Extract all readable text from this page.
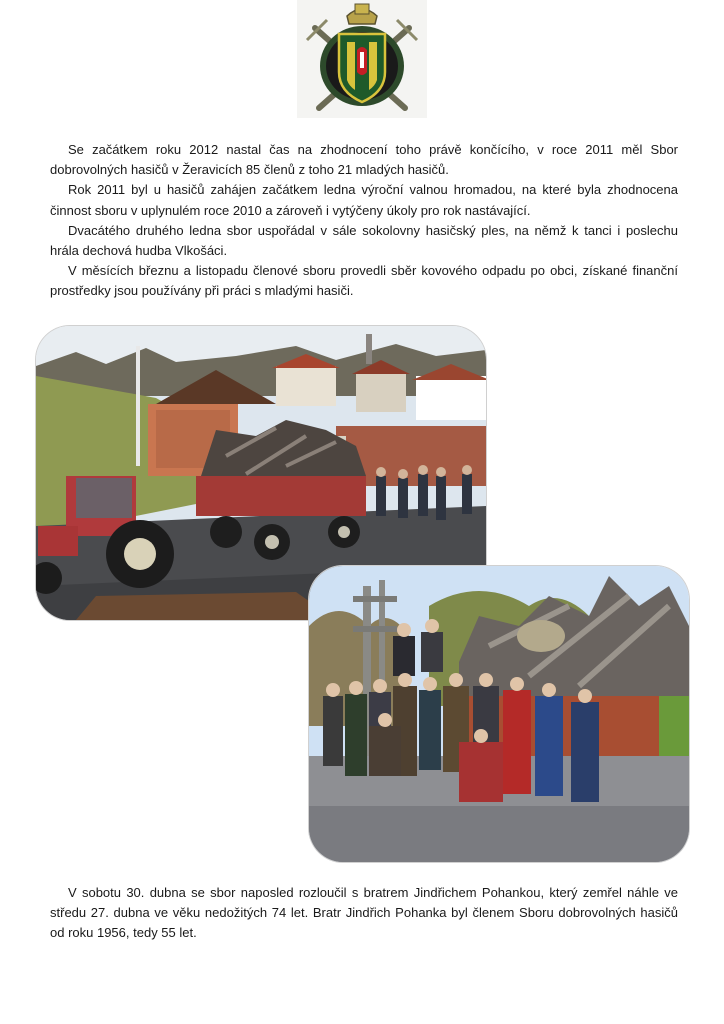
Se začátkem roku 2012 nastal čas na zhodnocení toho právě končícího, v roce 2011 měl Sbor dobrovolných hasičů v Žeravicích 85 členů z toho 21 mladých hasičů.

Rok 2011 byl u hasičů zahájen začátkem ledna výroční valnou hromadou, na které byla zhodnocena činnost sboru v uplynulém roce 2010 a zároveň i vytýčeny úkoly pro rok nastávající.

Dvacátého druhého ledna sbor uspořádal v sále sokolovny hasičský ples, na němž k tanci i poslechu hrála dechová hudba Vlkošáci.

V měsících březnu a listopadu členové sboru provedli sběr kovového odpadu po obci, získané finanční prostředky jsou používány při práci s mladými hasiči.

V sobotu 30. dubna se sbor naposled rozloučil s bratrem Jindřichem Pohankou, který zemřel náhle ve středu 27. dubna ve věku nedožitých 74 let. Bratr Jindřich Pohanka byl členem Sboru dobrovolných hasičů od roku 1956, tedy 55 let.
